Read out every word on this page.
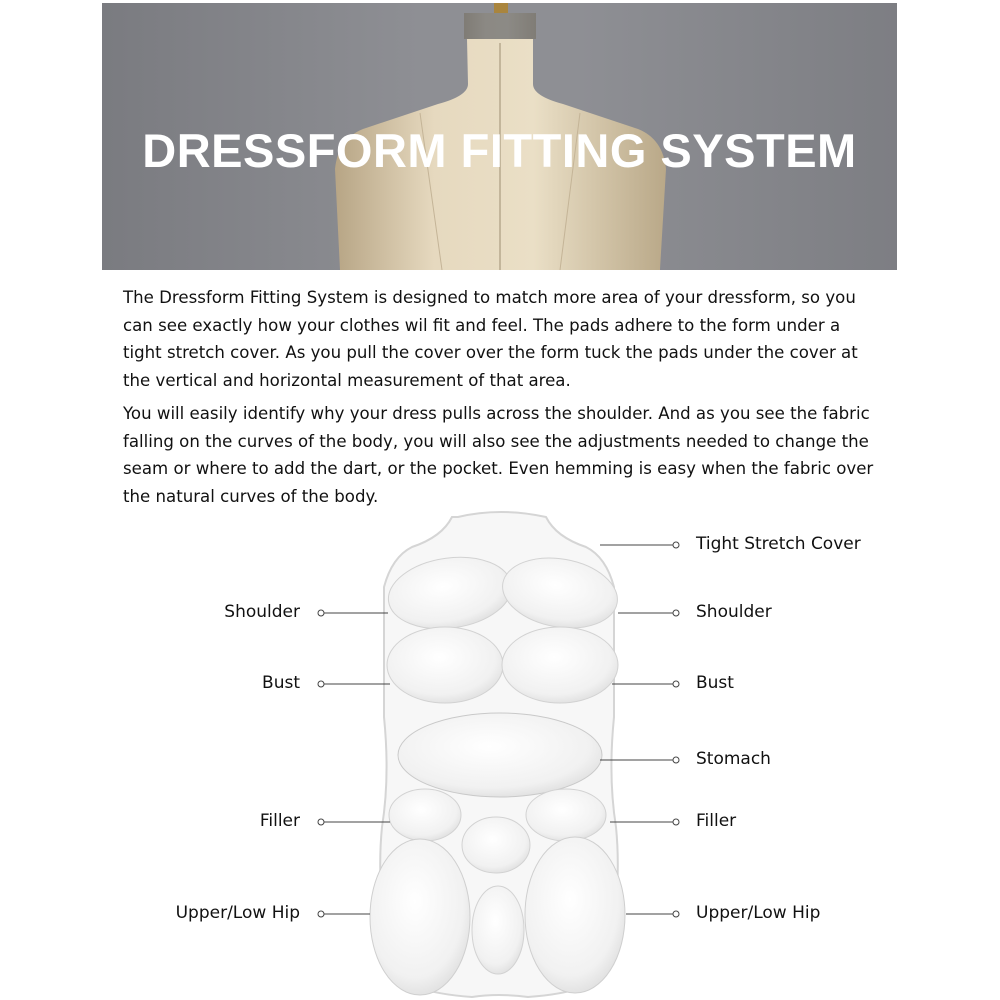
DRESSFORM FITTING SYSTEM

The Dressform Fitting System is designed to match more area of your dressform, so you can see exactly how your clothes wil fit and feel. The pads adhere to the form under a tight stretch cover. As you pull the cover over the form tuck the pads under the cover at the vertical and horizontal measurement of that area.

You will easily identify why your dress pulls across the shoulder. And as you see the fabric falling on the curves of the body, you will also see the adjustments needed to change the seam or where to add the dart, or the pocket. Even hemming is easy when the fabric over the natural curves of the body.

Shoulder
Bust
Filler
Upper/Low Hip
Tight Stretch Cover
Shoulder
Bust
Stomach
Filler
Upper/Low Hip
